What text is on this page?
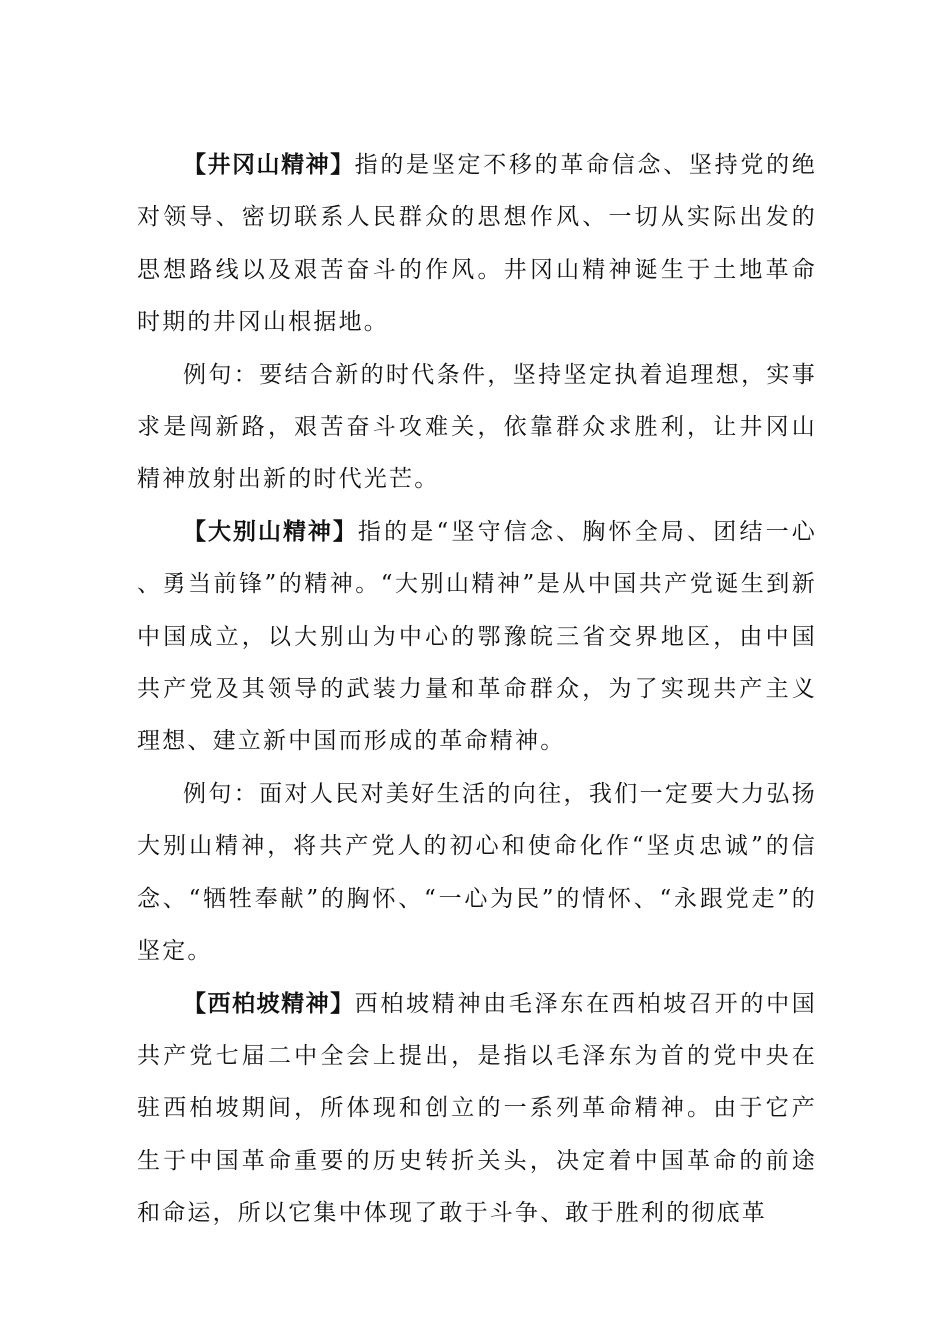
【井冈山精神】指的是坚定不移的革命信念、坚持党的绝对领导、密切联系人民群众的思想作风、一切从实际出发的思想路线以及艰苦奋斗的作风。井冈山精神诞生于土地革命时期的井冈山根据地。

例句：要结合新的时代条件，坚持坚定执着追理想，实事求是闯新路，艰苦奋斗攻难关，依靠群众求胜利，让井冈山精神放射出新的时代光芒。

【大别山精神】指的是“坚守信念、胸怀全局、团结一心、勇当前锋”的精神。“大别山精神”是从中国共产党诞生到新中国成立，以大别山为中心的鄂豫皖三省交界地区，由中国共产党及其领导的武装力量和革命群众，为了实现共产主义理想、建立新中国而形成的革命精神。

例句：面对人民对美好生活的向往，我们一定要大力弘扬大别山精神，将共产党人的初心和使命化作“坚贞忠诚”的信念、“牺牲奉献”的胸怀、“一心为民”的情怀、“永跟党走”的坚定。

【西柏坡精神】西柏坡精神由毛泽东在西柏坡召开的中国共产党七届二中全会上提出，是指以毛泽东为首的党中央在驻西柏坡期间，所体现和创立的一系列革命精神。由于它产生于中国革命重要的历史转折关头，决定着中国革命的前途和命运，所以它集中体现了敢于斗争、敢于胜利的彻底革
